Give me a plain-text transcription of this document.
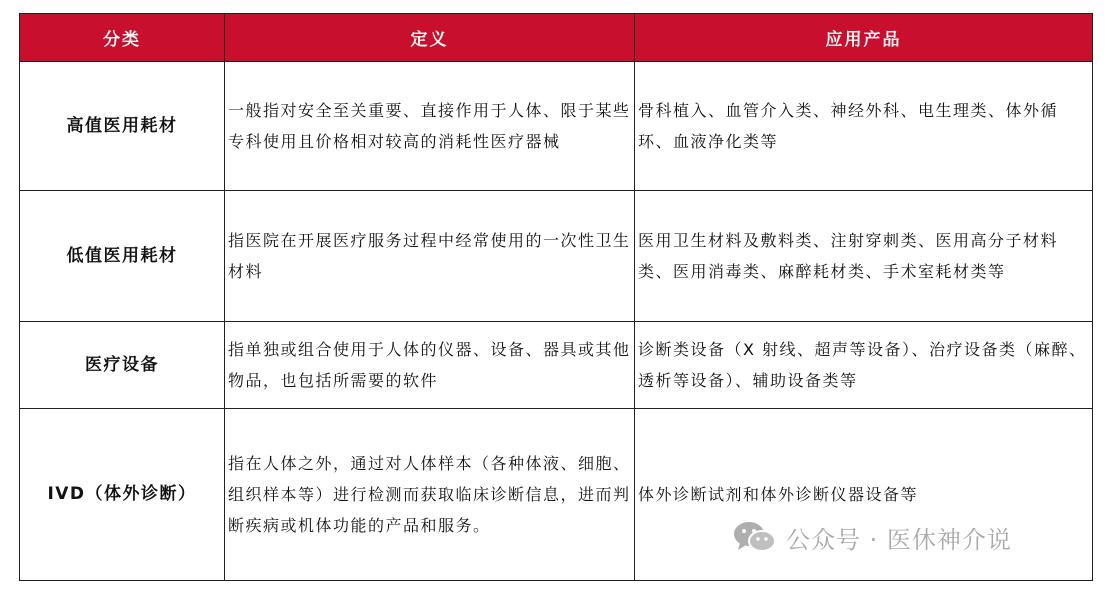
分类	定义	应用产品
高值医用耗材	一般指对安全至关重要、直接作用于人体、限于某些专科使用且价格相对较高的消耗性医疗器械	骨科植入、血管介入类、神经外科、电生理类、体外循环、血液净化类等
低值医用耗材	指医院在开展医疗服务过程中经常使用的一次性卫生材料	医用卫生材料及敷料类、注射穿刺类、医用高分子材料类、医用消毒类、麻醉耗材类、手术室耗材类等
医疗设备	指单独或组合使用于人体的仪器、设备、器具或其他物品，也包括所需要的软件	诊断类设备（X 射线、超声等设备）、治疗设备类（麻醉、透析等设备）、辅助设备类等
IVD（体外诊断）	指在人体之外，通过对人体样本（各种体液、细胞、组织样本等）进行检测而获取临床诊断信息，进而判断疾病或机体功能的产品和服务。	体外诊断试剂和体外诊断仪器设备等
公众号 · 医休神介说
